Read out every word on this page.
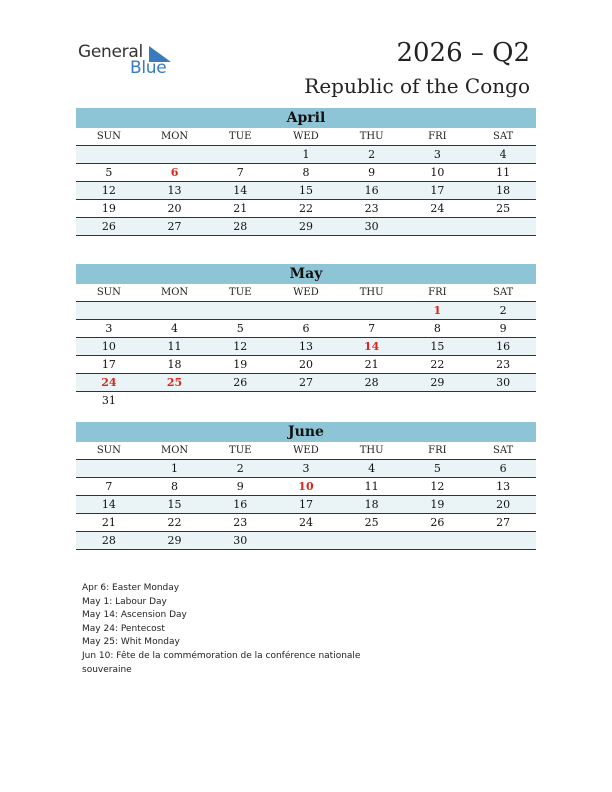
General
Blue	2026 – Q2
Republic of the Congo
April
SUN	MON	TUE	WED	THU	FRI	SAT
			1	2	3	4
5	6	7	8	9	10	11
12	13	14	15	16	17	18
19	20	21	22	23	24	25
26	27	28	29	30		
May
SUN	MON	TUE	WED	THU	FRI	SAT
					1	2
3	4	5	6	7	8	9
10	11	12	13	14	15	16
17	18	19	20	21	22	23
24	25	26	27	28	29	30
31						
June
SUN	MON	TUE	WED	THU	FRI	SAT
	1	2	3	4	5	6
7	8	9	10	11	12	13
14	15	16	17	18	19	20
21	22	23	24	25	26	27
28	29	30				
Apr 6: Easter Monday
May 1: Labour Day
May 14: Ascension Day
May 24: Pentecost
May 25: Whit Monday
Jun 10: Fête de la commémoration de la conférence nationale
souveraine
